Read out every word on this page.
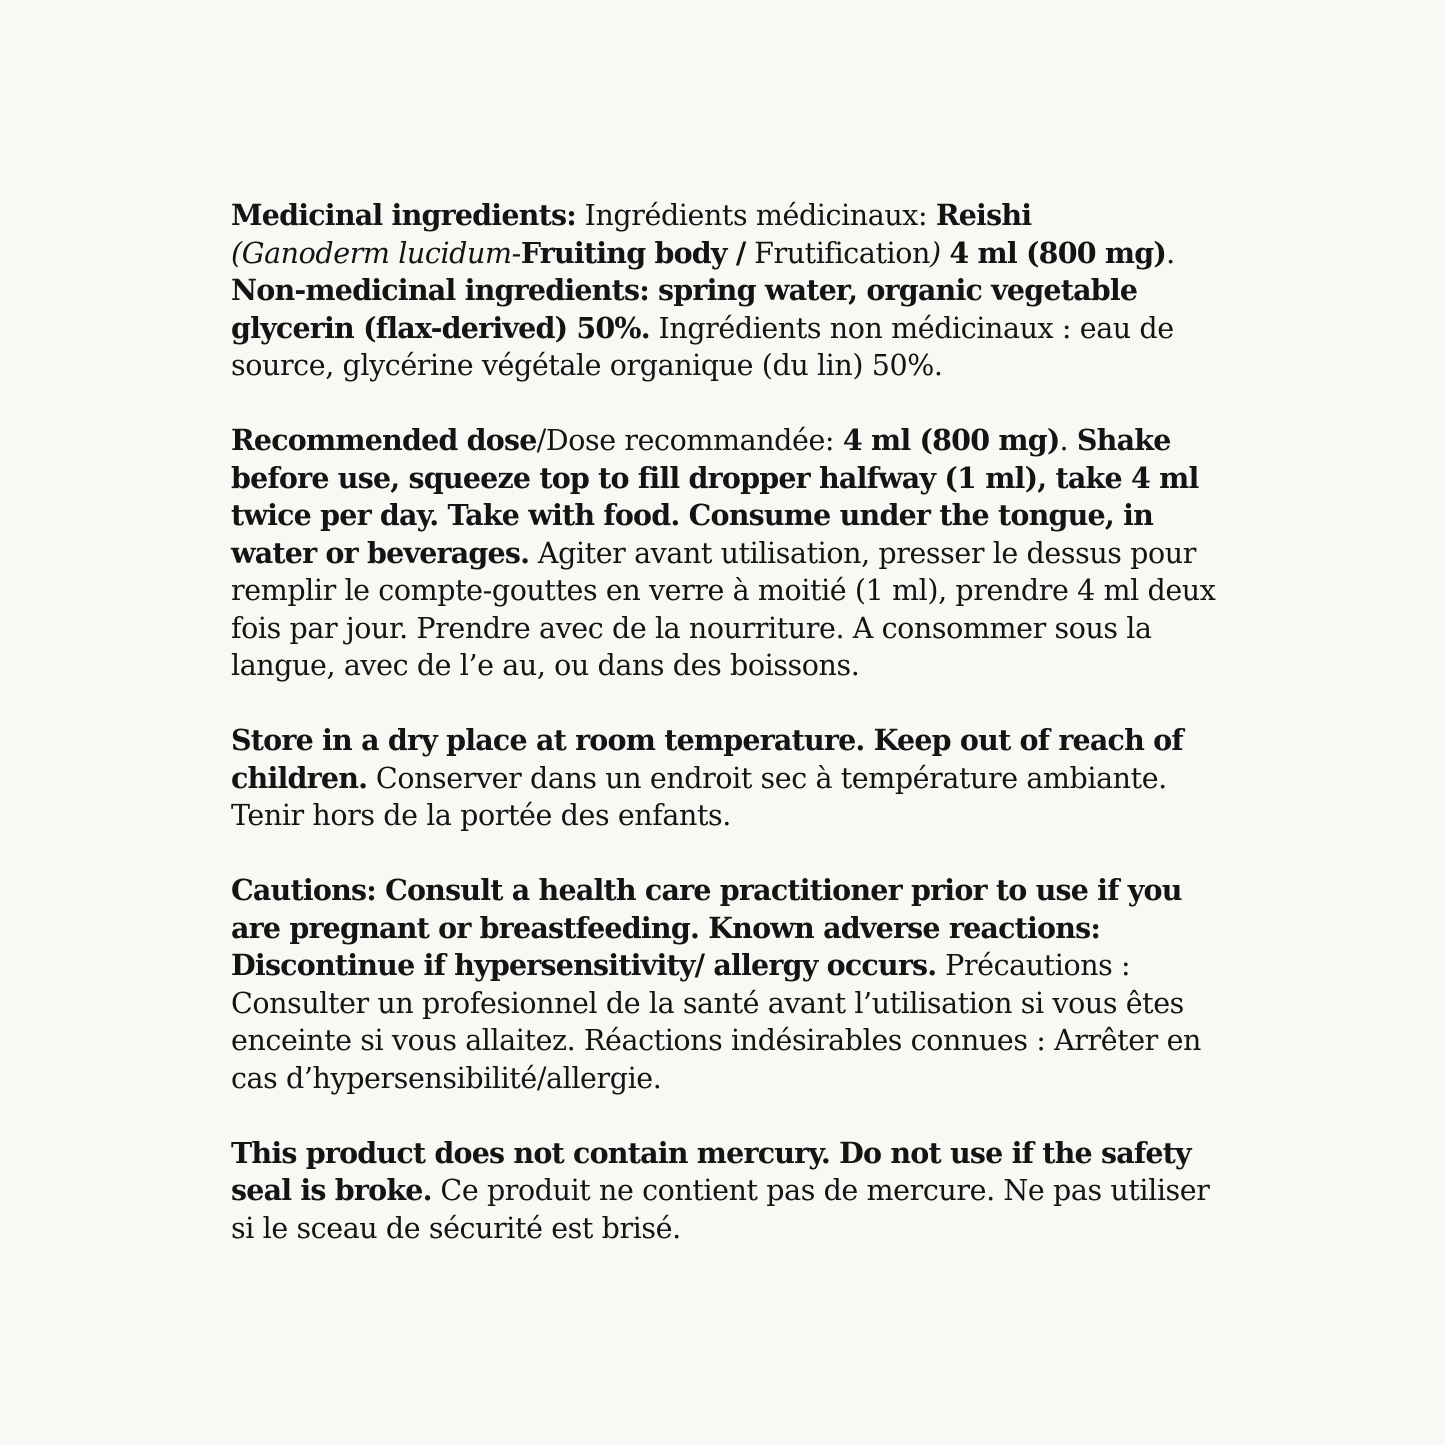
Medicinal ingredients: Ingrédients médicinaux: Reishi
(Ganoderm lucidum-Fruiting body / Frutification) 4 ml (800 mg).
Non-medicinal ingredients: spring water, organic vegetable glycerin (flax-derived) 50%. Ingrédients non médicinaux : eau de source, glycérine végétale organique (du lin) 50%.

Recommended dose/Dose recommandée: 4 ml (800 mg). Shake before use, squeeze top to fill dropper halfway (1 ml), take 4 ml twice per day. Take with food. Consume under the tongue, in water or beverages. Agiter avant utilisation, presser le dessus pour remplir le compte-gouttes en verre à moitié (1 ml), prendre 4 ml deux fois par jour. Prendre avec de la nourriture. A consommer sous la langue, avec de l’e au, ou dans des boissons.

Store in a dry place at room temperature. Keep out of reach of children. Conserver dans un endroit sec à température ambiante. Tenir hors de la portée des enfants.

Cautions: Consult a health care practitioner prior to use if you are pregnant or breastfeeding. Known adverse reactions: Discontinue if hypersensitivity/ allergy occurs. Précautions : Consulter un profesionnel de la santé avant l’utilisation si vous êtes enceinte si vous allaitez. Réactions indésirables connues : Arrêter en cas d’hypersensibilité/allergie.

This product does not contain mercury. Do not use if the safety seal is broke. Ce produit ne contient pas de mercure. Ne pas utiliser si le sceau de sécurité est brisé.
